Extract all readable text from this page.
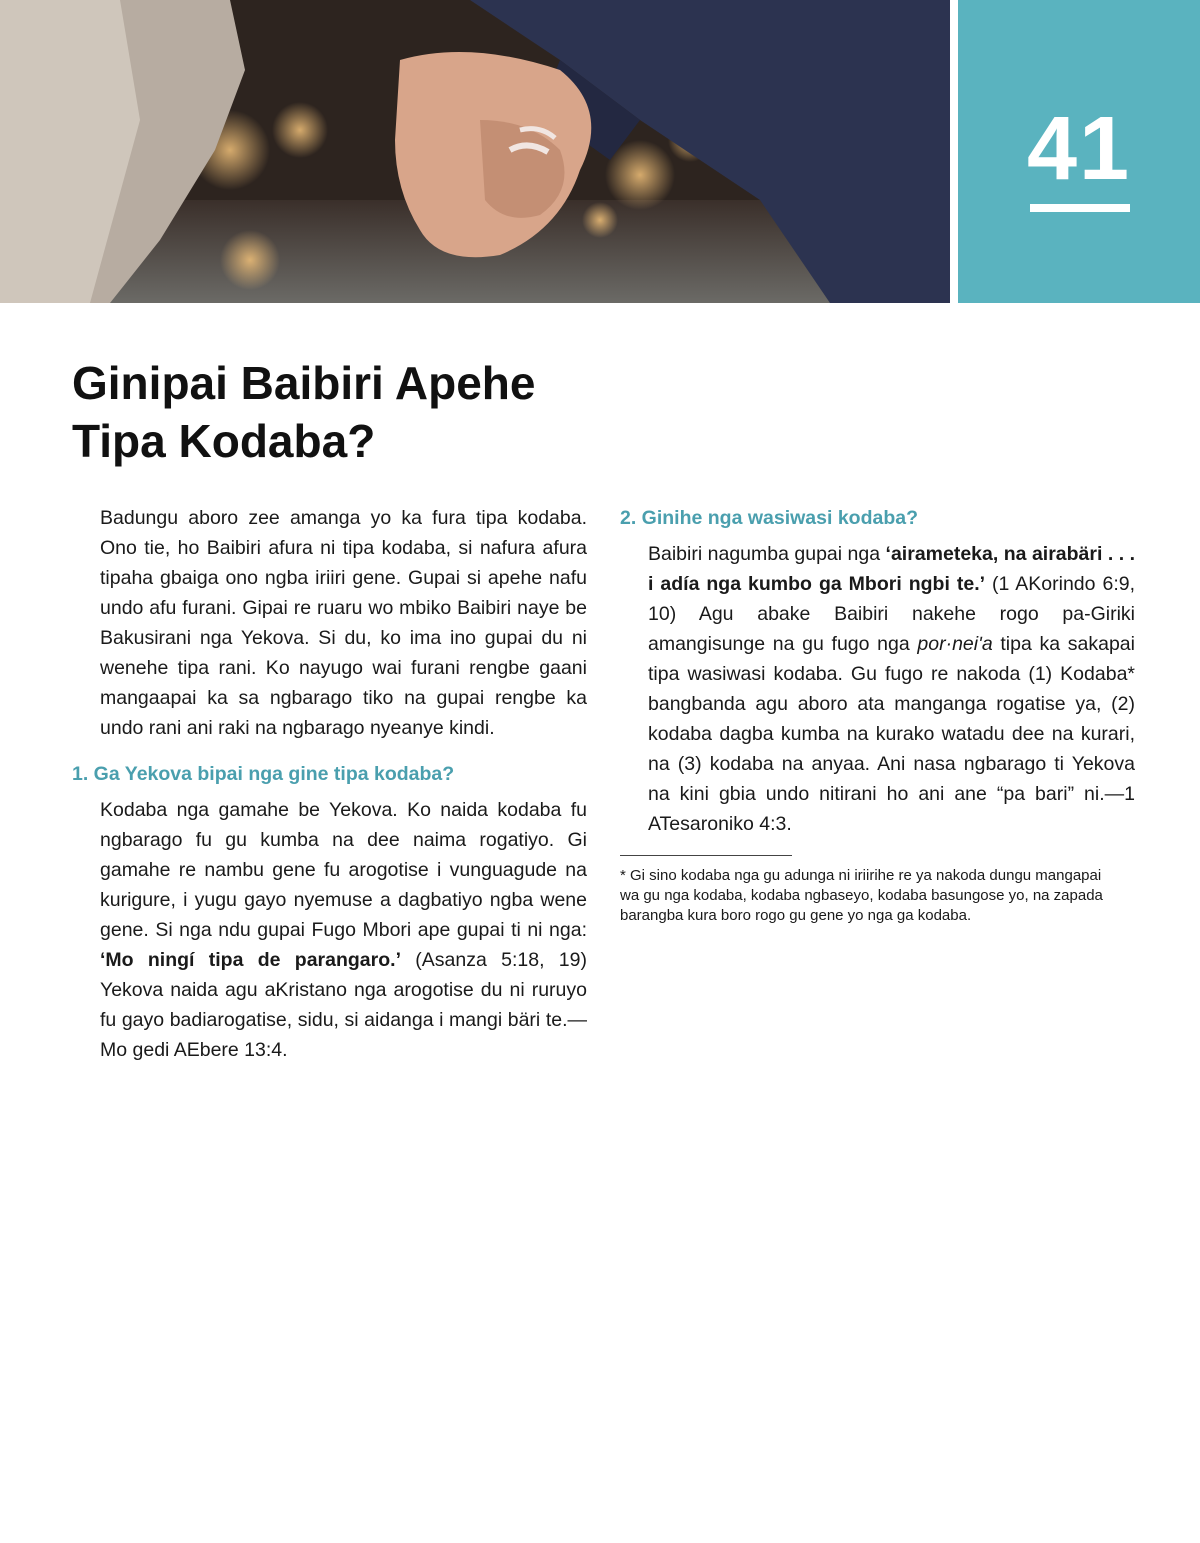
41
Ginipai Baibiri Apehe
Tipa Kodaba?

Badungu aboro zee amanga yo ka fura tipa kodaba. Ono tie, ho Baibiri afura ni tipa kodaba, si nafura afura tipaha gbaiga ono ngba iriiri gene. Gupai si apehe nafu undo afu furani. Gipai re ruaru wo mbiko Baibiri naye be Bakusirani nga Yekova. Si du, ko ima ino gupai du ni wenehe tipa rani. Ko nayugo wai furani rengbe gaani mangaapai ka sa ngbarago tiko na gupai rengbe ka undo rani ani raki na ngbarago nyeanye kindi.

1. Ga Yekova bipai nga gine tipa kodaba?

Kodaba nga gamahe be Yekova. Ko naida kodaba fu ngbarago fu gu kumba na dee naima rogatiyo. Gi gamahe re nambu gene fu arogotise i vunguagude na kurigure, i yugu gayo nyemuse a dagbatiyo ngba wene gene. Si nga ndu gupai Fugo Mbori ape gupai ti ni nga: ‘Mo ningí tipa de parangaro.’ (Asanza 5:18, 19) Yekova naida agu aKristano nga arogotise du ni ruruyo fu gayo badiarogatise, sidu, si aidanga i mangi bäri te.—Mo gedi AEbere 13:4.

2. Ginihe nga wasiwasi kodaba?

Baibiri nagumba gupai nga ‘airameteka, na airabäri . . . i adía nga kumbo ga Mbori ngbi te.’ (1 AKorindo 6:9, 10) Agu abake Baibiri nakehe rogo pa-Giriki amangisunge na gu fugo nga por·neiʹa tipa ka sakapai tipa wasiwasi kodaba. Gu fugo re nakoda (1) Kodaba* bangbanda agu aboro ata manganga rogatise ya, (2) kodaba dagba kumba na kurako watadu dee na kurari, na (3) kodaba na anyaa. Ani nasa ngbarago ti Yekova na kini gbia undo nitirani ho ani ane “pa bari” ni.—1 ATesaroniko 4:3.

* Gi sino kodaba nga gu adunga ni iriirihe re ya nakoda dungu mangapai wa gu nga kodaba, kodaba ngbaseyo, kodaba basungose yo, na zapada barangba kura boro rogo gu gene yo nga ga kodaba.
